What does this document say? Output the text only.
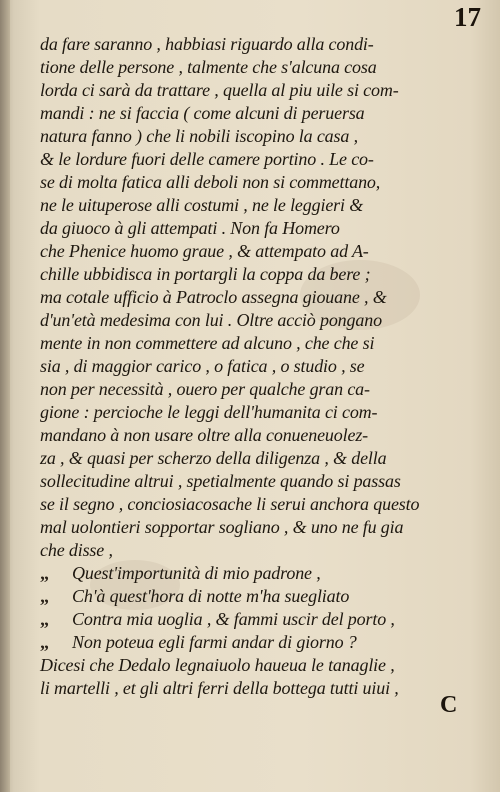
17
da fare saranno , habbiasi riguardo alla condi-
tione delle persone , talmente che s'alcuna cosa
lorda ci sarà da trattare , quella al piu uile si com-
mandi : ne si faccia ( come alcuni di peruersa
natura fanno ) che li nobili iscopino la casa ,
& le lordure fuori delle camere portino . Le co-
se di molta fatica alli deboli non si commettano,
ne le uituperose alli costumi , ne le leggieri &
da giuoco à gli attempati . Non fa Homero
che Phenice huomo graue , & attempato ad A-
chille ubbidisca in portargli la coppa da bere ;
ma cotale ufficio à Patroclo assegna giouane , &
d'un'età medesima con lui . Oltre acciò pongano
mente in non commettere ad alcuno , che che si
sia , di maggior carico , o fatica , o studio , se
non per necessità , ouero per qualche gran ca-
gione : percioche le leggi dell'humanita ci com-
mandano à non usare oltre alla conueneuolez-
za , & quasi per scherzo della diligenza , & della
sollecitudine altrui , spetialmente quando si passas
se il segno , conciosiacosache li serui anchora questo
mal uolontieri sopportar sogliano , & uno ne fu gia
che disse ,
„ Quest'importunità di mio padrone ,
„ Ch'à quest'hora di notte m'ha suegliato
„ Contra mia uoglia , & fammi uscir del porto ,
„ Non poteua egli farmi andar di giorno ?
Dicesi che Dedalo legnaiuolo haueua le tanaglie ,
li martelli , et gli altri ferri della bottega tutti uiui ,
C
